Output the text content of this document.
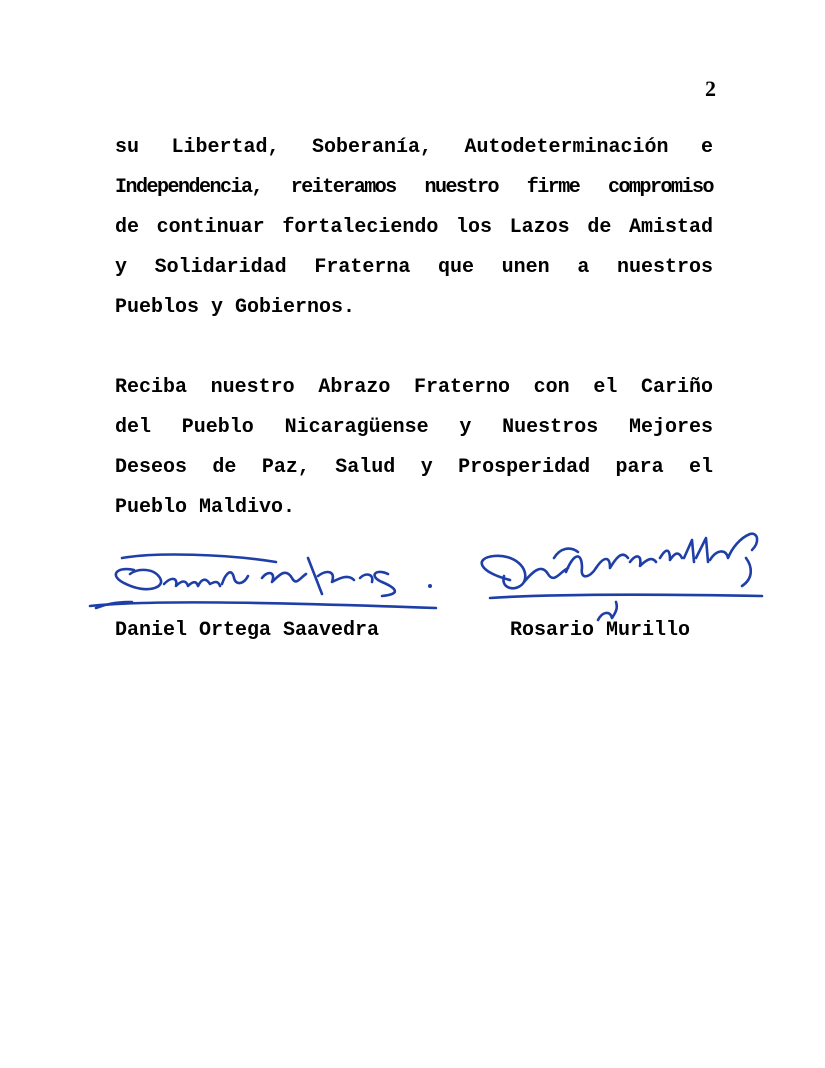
2
su Libertad, Soberanía, Autodeterminación e
Independencia, reiteramos nuestro firme compromiso
de continuar fortaleciendo los Lazos de Amistad
y Solidaridad Fraterna que unen a nuestros
Pueblos y Gobiernos.
Reciba nuestro Abrazo Fraterno con el Cariño
del Pueblo Nicaragüense y Nuestros Mejores
Deseos de Paz, Salud y Prosperidad para el
Pueblo Maldivo.
Daniel Ortega Saavedra	Rosario Murillo
